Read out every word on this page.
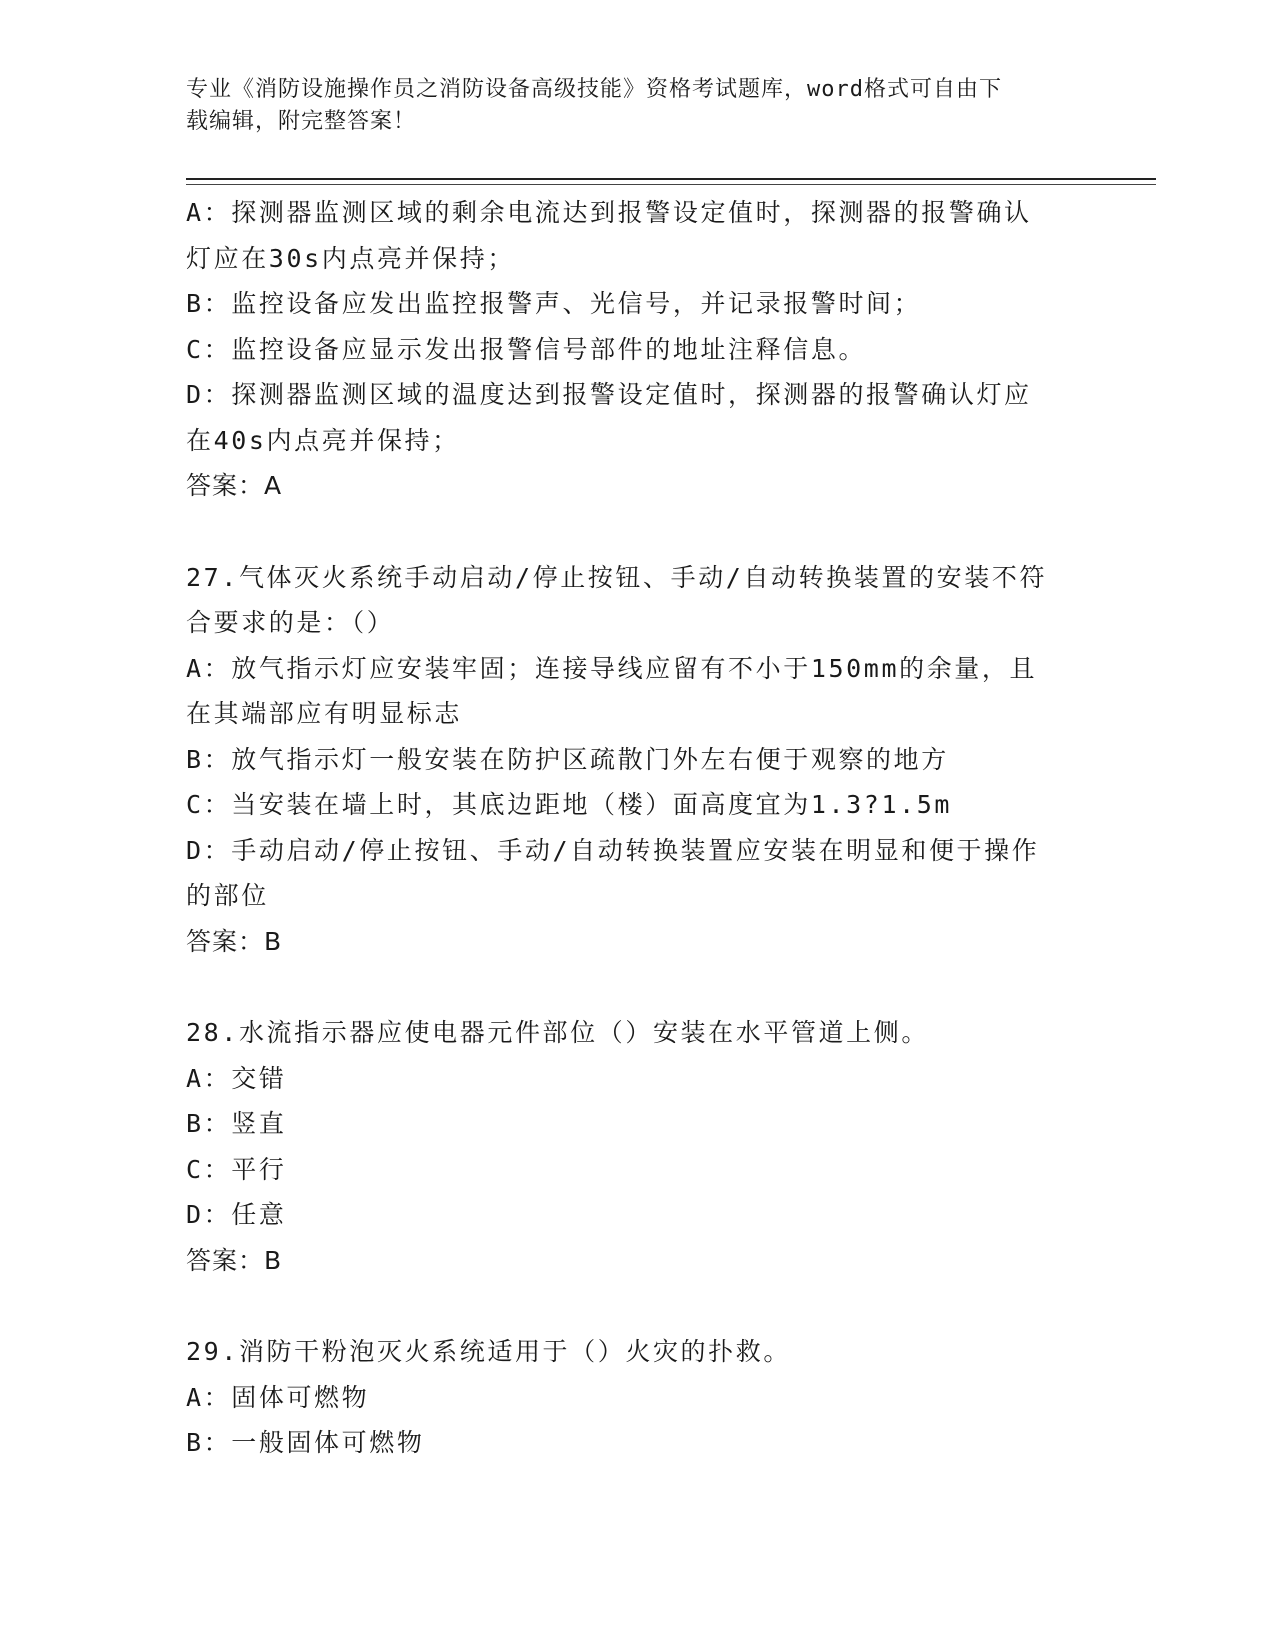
专业《消防设施操作员之消防设备高级技能》资格考试题库，word格式可自由下
载编辑，附完整答案！

A：探测器监测区域的剩余电流达到报警设定值时，探测器的报警确认

灯应在30s内点亮并保持；

B：监控设备应发出监控报警声、光信号，并记录报警时间；

C：监控设备应显示发出报警信号部件的地址注释信息。

D：探测器监测区域的温度达到报警设定值时，探测器的报警确认灯应

在40s内点亮并保持；

答案：A

27.气体灭火系统手动启动/停止按钮、手动/自动转换装置的安装不符

合要求的是：（）

A：放气指示灯应安装牢固；连接导线应留有不小于150mm的余量，且

在其端部应有明显标志

B：放气指示灯一般安装在防护区疏散门外左右便于观察的地方

C：当安装在墙上时，其底边距地（楼）面高度宜为1.3?1.5m

D：手动启动/停止按钮、手动/自动转换装置应安装在明显和便于操作

的部位

答案：B

28.水流指示器应使电器元件部位（）安装在水平管道上侧。

A：交错

B：竖直

C：平行

D：任意

答案：B

29.消防干粉泡灭火系统适用于（）火灾的扑救。

A：固体可燃物

B：一般固体可燃物
